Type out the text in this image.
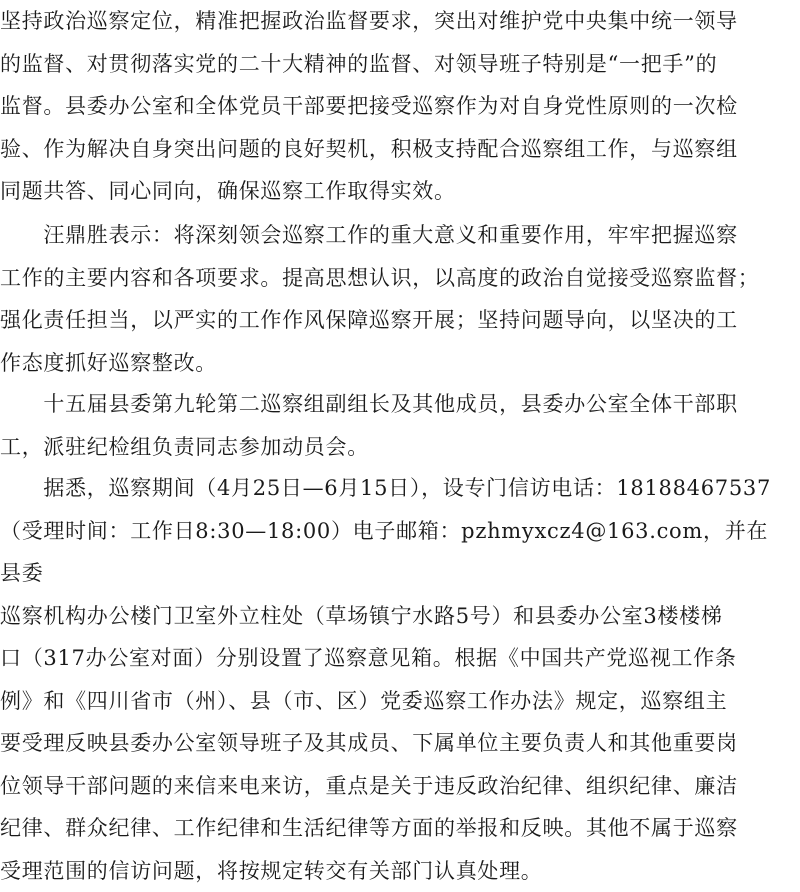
坚持政治巡察定位，精准把握政治监督要求，突出对维护党中央集中统一领导
的监督、对贯彻落实党的二十大精神的监督、对领导班子特别是“一把手”的
监督。县委办公室和全体党员干部要把接受巡察作为对自身党性原则的一次检
验、作为解决自身突出问题的良好契机，积极支持配合巡察组工作，与巡察组
同题共答、同心同向，确保巡察工作取得实效。

　　汪鼎胜表示：将深刻领会巡察工作的重大意义和重要作用，牢牢把握巡察
工作的主要内容和各项要求。提高思想认识，以高度的政治自觉接受巡察监督；
强化责任担当，以严实的工作作风保障巡察开展；坚持问题导向，以坚决的工
作态度抓好巡察整改。

　　十五届县委第九轮第二巡察组副组长及其他成员，县委办公室全体干部职
工，派驻纪检组负责同志参加动员会。

　　据悉，巡察期间（4月25日—6月15日），设专门信访电话：18188467537
（受理时间：工作日8:30—18:00）电子邮箱：pzhmyxcz4@163.com，并在县委
巡察机构办公楼门卫室外立柱处（草场镇宁水路5号）和县委办公室3楼楼梯
口（317办公室对面）分别设置了巡察意见箱。根据《中国共产党巡视工作条
例》和《四川省市（州）、县（市、区）党委巡察工作办法》规定，巡察组主
要受理反映县委办公室领导班子及其成员、下属单位主要负责人和其他重要岗
位领导干部问题的来信来电来访，重点是关于违反政治纪律、组织纪律、廉洁
纪律、群众纪律、工作纪律和生活纪律等方面的举报和反映。其他不属于巡察
受理范围的信访问题，将按规定转交有关部门认真处理。
